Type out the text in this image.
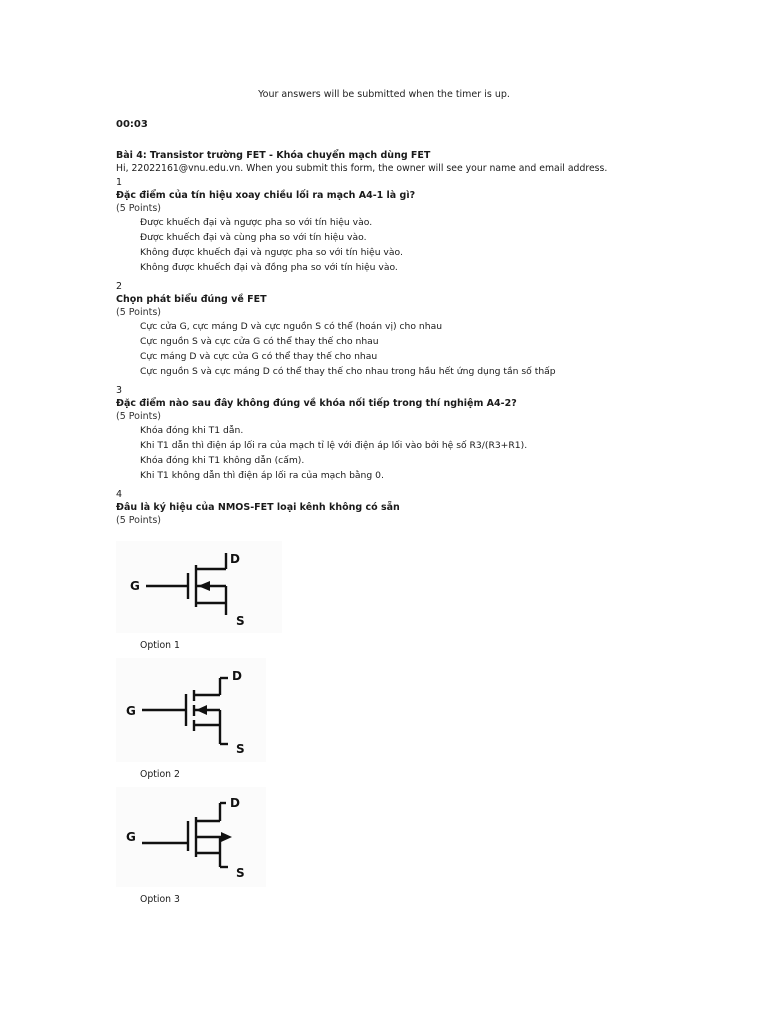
Your answers will be submitted when the timer is up.
00:03
Bài 4: Transistor trường FET - Khóa chuyển mạch dùng FET
Hi, 22022161@vnu.edu.vn. When you submit this form, the owner will see your name and email address.
1
Đặc điểm của tín hiệu xoay chiều lối ra mạch A4-1 là gì?
(5 Points)
Được khuếch đại và ngược pha so với tín hiệu vào.
Được khuếch đại và cùng pha so với tín hiệu vào.
Không được khuếch đại và ngược pha so với tín hiệu vào.
Không được khuếch đại và đồng pha so với tín hiệu vào.
2
Chọn phát biểu đúng về FET
(5 Points)
Cực cửa G, cực máng D và cực nguồn S có thể (hoán vị) cho nhau
Cực nguồn S và cực cửa G có thể thay thế cho nhau
Cực máng D và cực cửa G có thể thay thế cho nhau
Cực nguồn S và cực máng D có thể thay thế cho nhau trong hầu hết ứng dụng tần số thấp
3
Đặc điểm nào sau đây không đúng về khóa nối tiếp trong thí nghiệm A4-2?
(5 Points)
Khóa đóng khi T1 dẫn.
Khi T1 dẫn thì điện áp lối ra của mạch tỉ lệ với điện áp lối vào bởi hệ số R3/(R3+R1).
Khóa đóng khi T1 không dẫn (cấm).
Khi T1 không dẫn thì điện áp lối ra của mạch bằng 0.
4
Đâu là ký hiệu của NMOS-FET loại kênh không có sẵn
(5 Points)
G
D
S
Option 1
G
D
S
Option 2
G
D
S
Option 3
